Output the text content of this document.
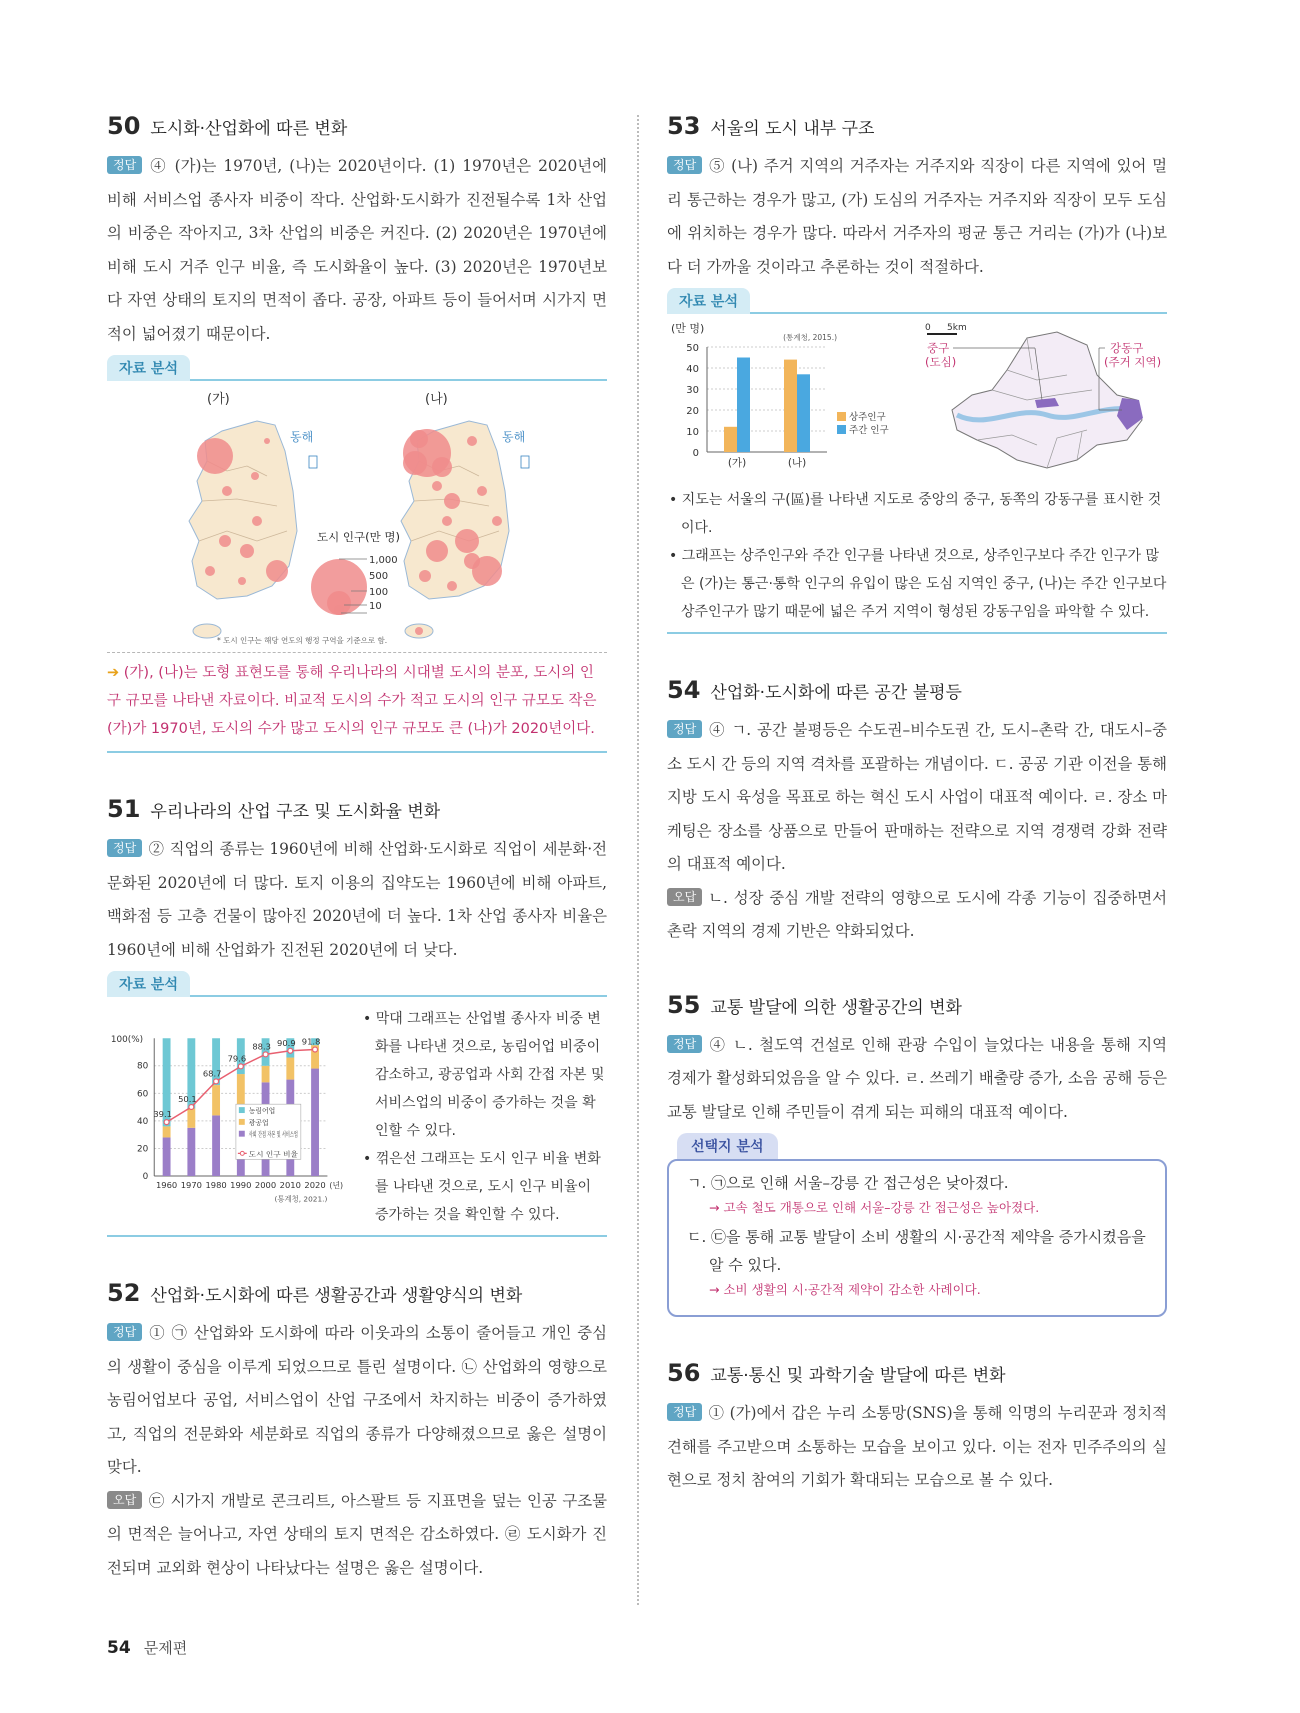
50 도시화·산업화에 따른 변화

정답 ④ (가)는 1970년, (나)는 2020년이다. (1) 1970년은 2020년에 비해 서비스업 종사자 비중이 작다. 산업화·도시화가 진전될수록 1차 산업의 비중은 작아지고, 3차 산업의 비중은 커진다. (2) 2020년은 1970년에 비해 도시 거주 인구 비율, 즉 도시화율이 높다. (3) 2020년은 1970년보다 자연 상태의 토지의 면적이 좁다. 공장, 아파트 등이 들어서며 시가지 면적이 넓어졌기 때문이다.

자료 분석
(가)	(나)
동해	동해
도시 인구(만 명)
1,000
500
100
10
* 도시 인구는 해당 연도의 행정 구역을 기준으로 함.

➔ (가), (나)는 도형 표현도를 통해 우리나라의 시대별 도시의 분포, 도시의 인구 규모를 나타낸 자료이다. 비교적 도시의 수가 적고 도시의 인구 규모도 작은 (가)가 1970년, 도시의 수가 많고 도시의 인구 규모도 큰 (나)가 2020년이다.

51 우리나라의 산업 구조 및 도시화율 변화

정답 ② 직업의 종류는 1960년에 비해 산업화·도시화로 직업이 세분화·전문화된 2020년에 더 많다. 토지 이용의 집약도는 1960년에 비해 아파트, 백화점 등 고층 건물이 많아진 2020년에 더 높다. 1차 산업 종사자 비율은 1960년에 비해 산업화가 진전된 2020년에 더 낮다.

자료 분석
100(%)
0
20
40
60
80
1960 1970 1980 1990 2000 2010 2020 (년)
39.1
50.1
68.7
79.6
88.3 90.9 91.8
농림어업
광공업
사회 간접 자본 및 서비스업
도시 인구 비율
(통계청, 2021.)

• 막대 그래프는 산업별 종사자 비중 변화를 나타낸 것으로, 농림어업 비중이 감소하고, 광공업과 사회 간접 자본 및 서비스업의 비중이 증가하는 것을 확인할 수 있다.

• 꺾은선 그래프는 도시 인구 비율 변화를 나타낸 것으로, 도시 인구 비율이 증가하는 것을 확인할 수 있다.

52 산업화·도시화에 따른 생활공간과 생활양식의 변화

정답 ① ㉠ 산업화와 도시화에 따라 이웃과의 소통이 줄어들고 개인 중심의 생활이 중심을 이루게 되었으므로 틀린 설명이다. ㉡ 산업화의 영향으로 농림어업보다 공업, 서비스업이 산업 구조에서 차지하는 비중이 증가하였고, 직업의 전문화와 세분화로 직업의 종류가 다양해졌으므로 옳은 설명이 맞다.

오답 ㉢ 시가지 개발로 콘크리트, 아스팔트 등 지표면을 덮는 인공 구조물의 면적은 늘어나고, 자연 상태의 토지 면적은 감소하였다. ㉣ 도시화가 진전되며 교외화 현상이 나타났다는 설명은 옳은 설명이다.

53 서울의 도시 내부 구조

정답 ⑤ (나) 주거 지역의 거주자는 거주지와 직장이 다른 지역에 있어 멀리 통근하는 경우가 많고, (가) 도심의 거주자는 거주지와 직장이 모두 도심에 위치하는 경우가 많다. 따라서 거주자의 평균 통근 거리는 (가)가 (나)보다 더 가까울 것이라고 추론하는 것이 적절하다.

자료 분석
(만 명)
(통계청, 2015.)
0
10
20
30
40
50
(가)	(나)
상주인구
주간 인구
0 5km
중구
(도심)
강동구
(주거 지역)

• 지도는 서울의 구(區)를 나타낸 지도로 중앙의 중구, 동쪽의 강동구를 표시한 것이다.

• 그래프는 상주인구와 주간 인구를 나타낸 것으로, 상주인구보다 주간 인구가 많은 (가)는 통근·통학 인구의 유입이 많은 도심 지역인 중구, (나)는 주간 인구보다 상주인구가 많기 때문에 넓은 주거 지역이 형성된 강동구임을 파악할 수 있다.

54 산업화·도시화에 따른 공간 불평등

정답 ④ ㄱ. 공간 불평등은 수도권–비수도권 간, 도시–촌락 간, 대도시–중소 도시 간 등의 지역 격차를 포괄하는 개념이다. ㄷ. 공공 기관 이전을 통해 지방 도시 육성을 목표로 하는 혁신 도시 사업이 대표적 예이다. ㄹ. 장소 마케팅은 장소를 상품으로 만들어 판매하는 전략으로 지역 경쟁력 강화 전략의 대표적 예이다.

오답 ㄴ. 성장 중심 개발 전략의 영향으로 도시에 각종 기능이 집중하면서 촌락 지역의 경제 기반은 약화되었다.

55 교통 발달에 의한 생활공간의 변화

정답 ④ ㄴ. 철도역 건설로 인해 관광 수입이 늘었다는 내용을 통해 지역 경제가 활성화되었음을 알 수 있다. ㄹ. 쓰레기 배출량 증가, 소음 공해 등은 교통 발달로 인해 주민들이 겪게 되는 피해의 대표적 예이다.

선택지 분석

ㄱ. ㉠으로 인해 서울–강릉 간 접근성은 낮아졌다.

→ 고속 철도 개통으로 인해 서울–강릉 간 접근성은 높아졌다.

ㄷ. ㉢을 통해 교통 발달이 소비 생활의 시·공간적 제약을 증가시켰음을 알 수 있다.

→ 소비 생활의 시·공간적 제약이 감소한 사례이다.

56 교통·통신 및 과학기술 발달에 따른 변화

정답 ① (가)에서 갑은 누리 소통망(SNS)을 통해 익명의 누리꾼과 정치적 견해를 주고받으며 소통하는 모습을 보이고 있다. 이는 전자 민주주의의 실현으로 정치 참여의 기회가 확대되는 모습으로 볼 수 있다.

54 문제편
